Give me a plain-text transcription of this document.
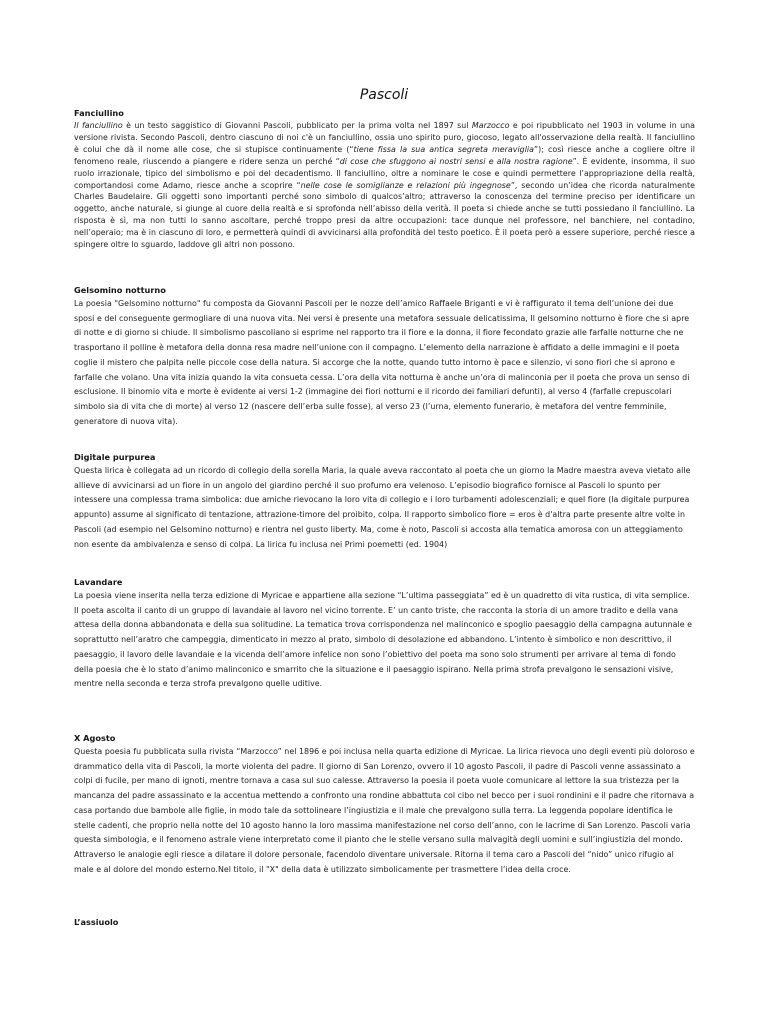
Pascoli
Fanciullino

Il fanciullino è un testo saggistico di Giovanni Pascoli, pubblicato per la prima volta nel 1897 sul Marzocco e poi ripubblicato nel 1903 in volume in una versione rivista. Secondo Pascoli, dentro ciascuno di noi c'è un fanciullino, ossia uno spirito puro, giocoso, legato all'osservazione della realtà. Il fanciullino è colui che dà il nome alle cose, che si stupisce continuamente (“tiene fissa la sua antica segreta meraviglia”); così riesce anche a cogliere oltre il fenomeno reale, riuscendo a piangere e ridere senza un perché “di cose che sfuggono ai nostri sensi e alla nostra ragione”. È evidente, insomma, il suo ruolo irrazionale, tipico del simbolismo e poi del decadentismo. Il fanciullino, oltre a nominare le cose e quindi permettere l’appropriazione della realtà, comportandosi come Adamo, riesce anche a scoprire “nelle cose le somiglianze e relazioni più ingegnose”, secondo un’idea che ricorda naturalmente Charles Baudelaire. Gli oggetti sono importanti perché sono simbolo di qualcos’altro; attraverso la conoscenza del termine preciso per identificare un oggetto, anche naturale, si giunge al cuore della realtà e si sprofonda nell’abisso della verità. Il poeta si chiede anche se tutti possiedano il fanciullino. La risposta è sì, ma non tutti lo sanno ascoltare, perché troppo presi da altre occupazioni: tace dunque nel professore, nel banchiere, nel contadino, nell’operaio; ma è in ciascuno di loro, e permetterà quindi di avvicinarsi alla profondità del testo poetico. È il poeta però a essere superiore, perché riesce a spingere oltre lo sguardo, laddove gli altri non possono.

Gelsomino notturno

La poesia "Gelsomino notturno" fu composta da Giovanni Pascoli per le nozze dell’amico Raffaele Briganti e vi è raffigurato il tema dell’unione dei due sposi e del conseguente germogliare di una nuova vita. Nei versi è presente una metafora sessuale delicatissima, Il gelsomino notturno è fiore che si apre di notte e di giorno si chiude. Il simbolismo pascoliano si esprime nel rapporto tra il fiore e la donna, il fiore fecondato grazie alle farfalle notturne che ne trasportano il polline è metafora della donna resa madre nell’unione con il compagno. L’elemento della narrazione è affidato a delle immagini e il poeta coglie il mistero che palpita nelle piccole cose della natura. Si accorge che la notte, quando tutto intorno è pace e silenzio, vi sono fiori che si aprono e farfalle che volano. Una vita inizia quando la vita consueta cessa. L’ora della vita notturna è anche un’ora di malinconia per il poeta che prova un senso di esclusione. Il binomio vita e morte è evidente ai versi 1-2 (immagine dei fiori notturni e il ricordo dei familiari defunti), al verso 4 (farfalle crepuscolari simbolo sia di vita che di morte) al verso 12 (nascere dell’erba sulle fosse), al verso 23 (l’urna, elemento funerario, è metafora del ventre femminile, generatore di nuova vita).

Digitale purpurea

Questa lirica è collegata ad un ricordo di collegio della sorella Maria, la quale aveva raccontato al poeta che un giorno la Madre maestra aveva vietato alle allieve di avvicinarsi ad un fiore in un angolo del giardino perché il suo profumo era velenoso. L’episodio biografico fornisce al Pascoli lo spunto per intessere una complessa trama simbolica: due amiche rievocano la loro vita di collegio e i loro turbamenti adolescenziali; e quel fiore (la digitale purpurea appunto) assume al significato di tentazione, attrazione-timore del proibito, colpa. Il rapporto simbolico fiore = eros è d'altra parte presente altre volte in Pascoli (ad esempio nel Gelsomino notturno) e rientra nel gusto liberty. Ma, come è noto, Pascoli si accosta alla tematica amorosa con un atteggiamento non esente da ambivalenza e senso di colpa. La lirica fu inclusa nei Primi poemetti (ed. 1904)

Lavandare

La poesia viene inserita nella terza edizione di Myricae e appartiene alla sezione “L’ultima passeggiata” ed è un quadretto di vita rustica, di vita semplice.
Il poeta ascolta il canto di un gruppo di lavandaie al lavoro nel vicino torrente. E’ un canto triste, che racconta la storia di un amore tradito e della vana attesa della donna abbandonata e della sua solitudine. La tematica trova corrispondenza nel malinconico e spoglio paesaggio della campagna autunnale e soprattutto nell’aratro che campeggia, dimenticato in mezzo al prato, simbolo di desolazione ed abbandono. L’intento è simbolico e non descrittivo, il paesaggio, il lavoro delle lavandaie e la vicenda dell’amore infelice non sono l’obiettivo del poeta ma sono solo strumenti per arrivare al tema di fondo della poesia che è lo stato d’animo malinconico e smarrito che la situazione e il paesaggio ispirano. Nella prima strofa prevalgono le sensazioni visive, mentre nella seconda e terza strofa prevalgono quelle uditive.

X Agosto

Questa poesia fu pubblicata sulla rivista “Marzocco” nel 1896 e poi inclusa nella quarta edizione di Myricae. La lirica rievoca uno degli eventi più doloroso e drammatico della vita di Pascoli, la morte violenta del padre. Il giorno di San Lorenzo, ovvero il 10 agosto Pascoli, il padre di Pascoli venne assassinato a colpi di fucile, per mano di ignoti, mentre tornava a casa sul suo calesse. Attraverso la poesia il poeta vuole comunicare al lettore la sua tristezza per la mancanza del padre assassinato e la accentua mettendo a confronto una rondine abbattuta col cibo nel becco per i suoi rondinini e il padre che ritornava a casa portando due bambole alle figlie, in modo tale da sottolineare l’ingiustizia e il male che prevalgono sulla terra. La leggenda popolare identifica le stelle cadenti, che proprio nella notte del 10 agosto hanno la loro massima manifestazione nel corso dell’anno, con le lacrime di San Lorenzo. Pascoli varia questa simbologia, e il fenomeno astrale viene interpretato come il pianto che le stelle versano sulla malvagità degli uomini e sull’ingiustizia del mondo. Attraverso le analogie egli riesce a dilatare il dolore personale, facendolo diventare universale. Ritorna il tema caro a Pascoli del “nido” unico rifugio al male e al dolore del mondo esterno.Nel titolo, il "X" della data è utilizzato simbolicamente per trasmettere l’idea della croce.

L’assiuolo
